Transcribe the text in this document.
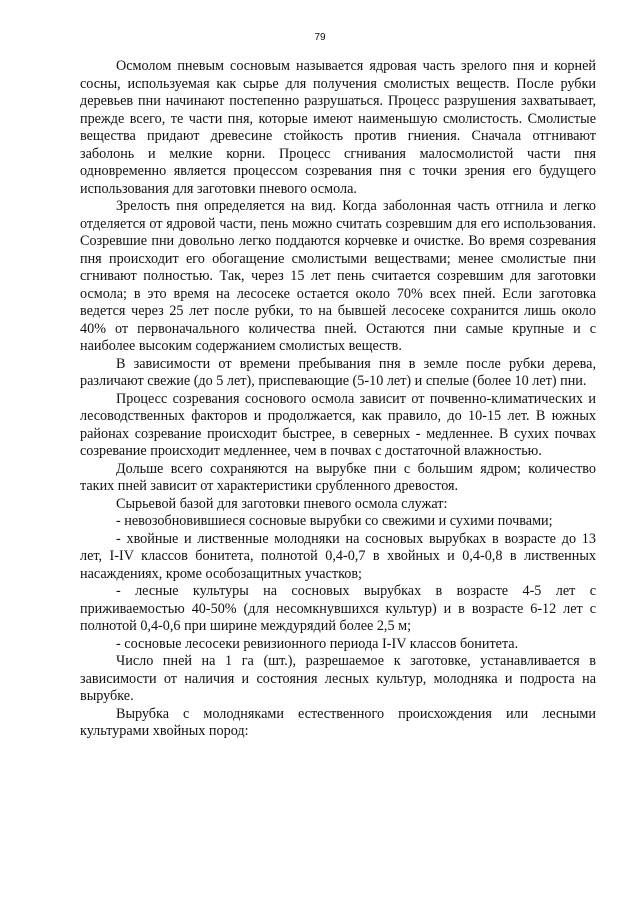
79

Осмолом пневым сосновым называется ядровая часть зрелого пня и корней сосны, используемая как сырье для получения смолистых веществ. После рубки деревьев пни начинают постепенно разрушаться. Процесс разрушения захватывает, прежде всего, те части пня, которые имеют наименьшую смолистость. Смолистые вещества придают древесине стойкость против гниения. Сначала отгнивают заболонь и мелкие корни. Процесс сгнивания малосмолистой части пня одновременно является процессом созревания пня с точки зрения его будущего использования для заготовки пневого осмола.

Зрелость пня определяется на вид. Когда заболонная часть отгнила и легко отделяется от ядровой части, пень можно считать созревшим для его использования. Созревшие пни довольно легко поддаются корчевке и очистке. Во время созревания пня происходит его обогащение смолистыми веществами; менее смолистые пни сгнивают полностью. Так, через 15 лет пень считается созревшим для заготовки осмола; в это время на лесосеке остается около 70% всех пней. Если заготовка ведется через 25 лет после рубки, то на бывшей лесосеке сохранится лишь около 40% от первоначального количества пней. Остаются пни самые крупные и с наиболее высоким содержанием смолистых веществ.

В зависимости от времени пребывания пня в земле после рубки дерева, различают свежие (до 5 лет), приспевающие (5-10 лет) и спелые (более 10 лет) пни.

Процесс созревания соснового осмола зависит от почвенно-климатических и лесоводственных факторов и продолжается, как правило, до 10-15 лет. В южных районах созревание происходит быстрее, в северных - медленнее. В сухих почвах созревание происходит медленнее, чем в почвах с достаточной влажностью.

Дольше всего сохраняются на вырубке пни с большим ядром; количество таких пней зависит от характеристики срубленного древостоя.

Сырьевой базой для заготовки пневого осмола служат:

- невозобновившиеся сосновые вырубки со свежими и сухими почвами;

- хвойные и лиственные молодняки на сосновых вырубках в возрасте до 13 лет, I-IV классов бонитета, полнотой 0,4-0,7 в хвойных и 0,4-0,8 в лиственных насаждениях, кроме особозащитных участков;

- лесные культуры на сосновых вырубках в возрасте 4-5 лет с приживаемостью 40-50% (для несомкнувшихся культур) и в возрасте 6-12 лет с полнотой 0,4-0,6 при ширине междурядий более 2,5 м;

- сосновые лесосеки ревизионного периода I-IV классов бонитета.

Число пней на 1 га (шт.), разрешаемое к заготовке, устанавливается в зависимости от наличия и состояния лесных культур, молодняка и подроста на вырубке.

Вырубка с молодняками естественного происхождения или лесными культурами хвойных пород:
